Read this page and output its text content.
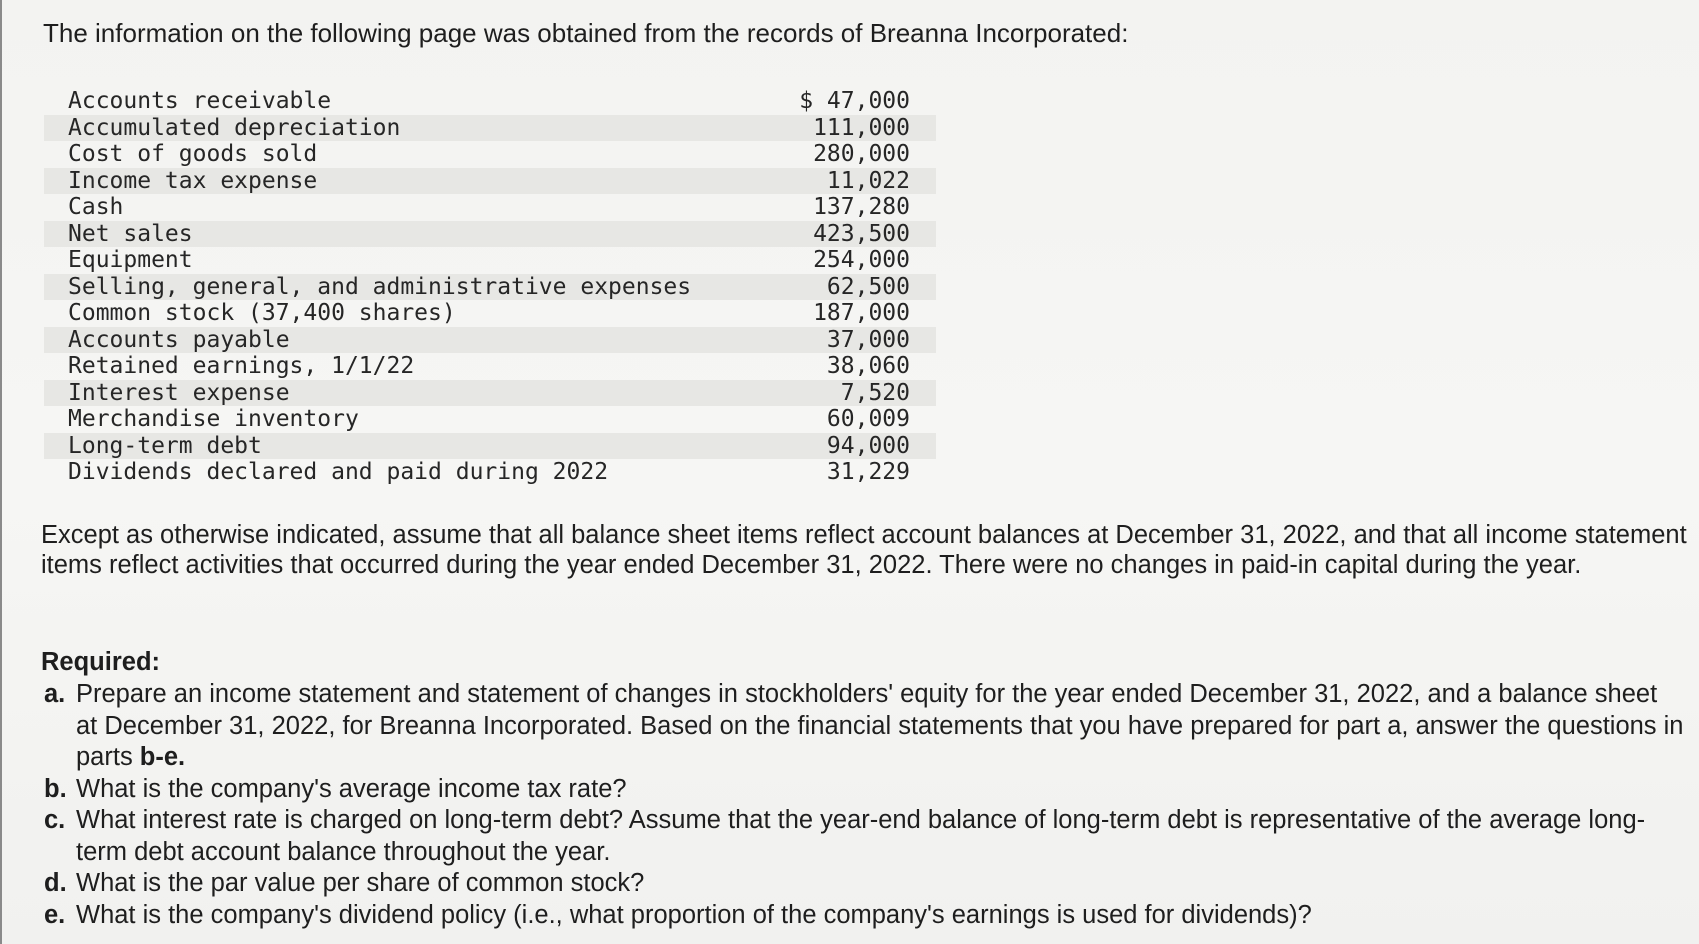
The information on the following page was obtained from the records of Breanna Incorporated:

Accounts receivable	$ 47,000
Accumulated depreciation	111,000
Cost of goods sold	280,000
Income tax expense	11,022
Cash	137,280
Net sales	423,500
Equipment	254,000
Selling, general, and administrative expenses	62,500
Common stock (37,400 shares)	187,000
Accounts payable	37,000
Retained earnings, 1/1/22	38,060
Interest expense	7,520
Merchandise inventory	60,009
Long-term debt	94,000
Dividends declared and paid during 2022	31,229

Except as otherwise indicated, assume that all balance sheet items reflect account balances at December 31, 2022, and that all income statement items reflect activities that occurred during the year ended December 31, 2022. There were no changes in paid-in capital during the year.

Required:

a. Prepare an income statement and statement of changes in stockholders' equity for the year ended December 31, 2022, and a balance sheet at December 31, 2022, for Breanna Incorporated. Based on the financial statements that you have prepared for part a, answer the questions in parts b-e.
b. What is the company's average income tax rate?
c. What interest rate is charged on long-term debt? Assume that the year-end balance of long-term debt is representative of the average long-term debt account balance throughout the year.
d. What is the par value per share of common stock?
e. What is the company's dividend policy (i.e., what proportion of the company's earnings is used for dividends)?
